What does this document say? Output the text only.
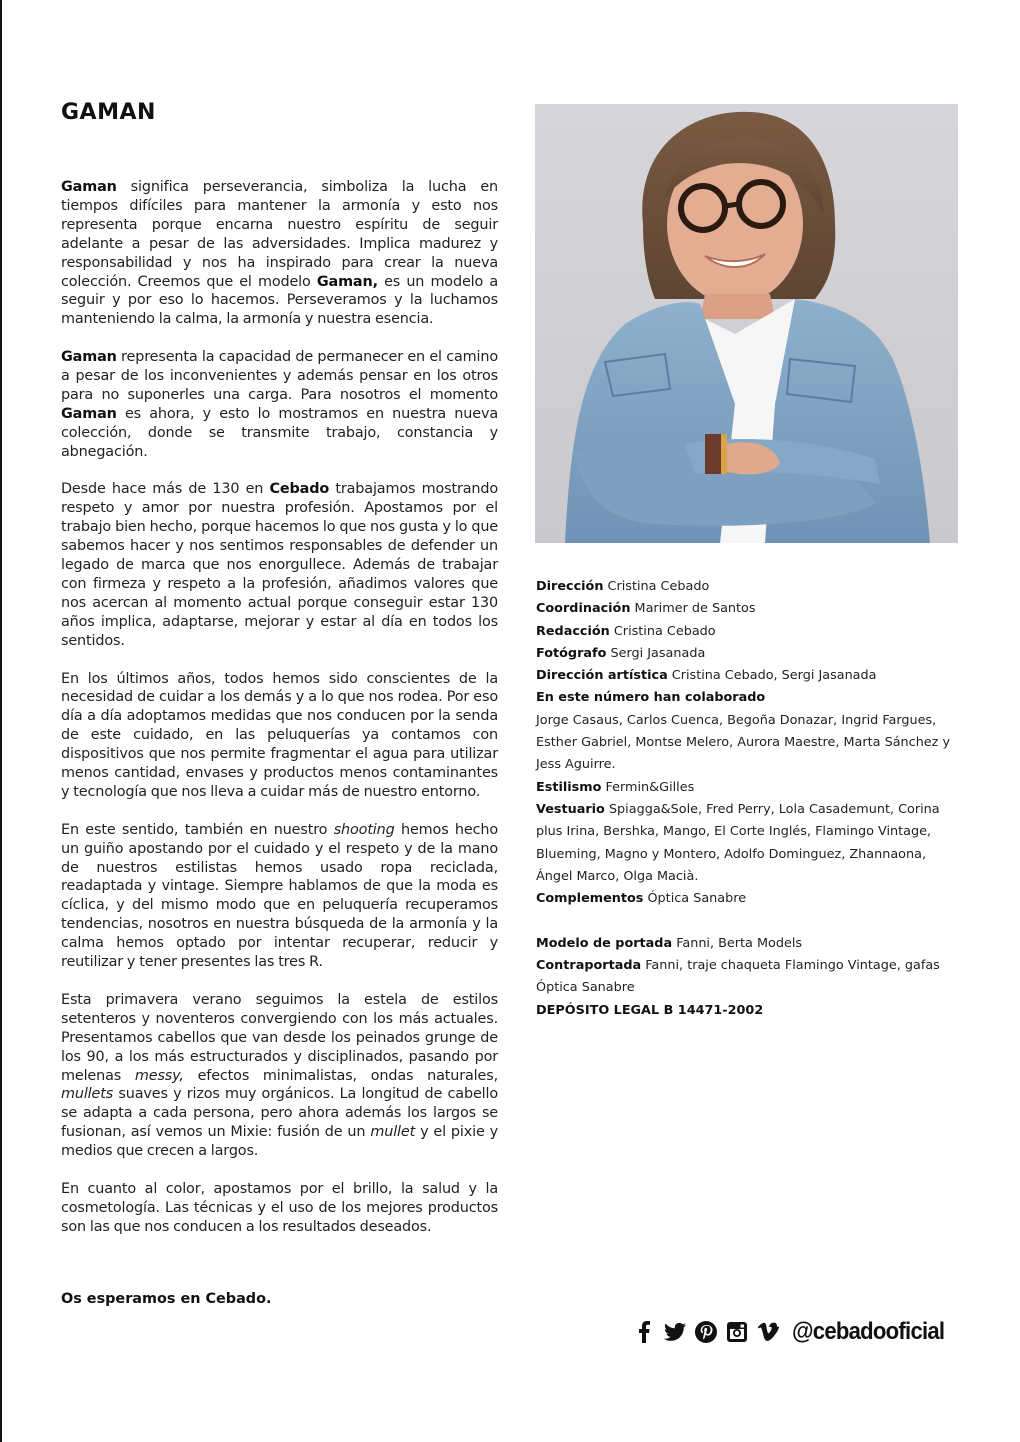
GAMAN

Gaman significa perseverancia, simboliza la lucha en tiempos difíciles para mantener la armonía y esto nos representa porque encarna nuestro espíritu de seguir adelante a pesar de las adversidades. Implica madurez y responsabilidad y nos ha inspirado para crear la nueva colección. Creemos que el modelo Gaman, es un modelo a seguir y por eso lo hacemos. Perseveramos y la luchamos manteniendo la calma, la armonía y nuestra esencia.

Gaman representa la capacidad de permanecer en el camino a pesar de los inconvenientes y además pensar en los otros para no suponerles una carga. Para nosotros el momento Gaman es ahora, y esto lo mostramos en nuestra nueva colección, donde se transmite trabajo, constancia y abnegación.

Desde hace más de 130 en Cebado trabajamos mostrando respeto y amor por nuestra profesión. Apostamos por el trabajo bien hecho, porque hacemos lo que nos gusta y lo que sabemos hacer y nos sentimos responsables de defender un legado de marca que nos enorgullece. Además de trabajar con firmeza y respeto a la profesión, añadimos valores que nos acercan al momento actual porque conseguir estar 130 años implica, adaptarse, mejorar y estar al día en todos los sentidos.

En los últimos años, todos hemos sido conscientes de la necesidad de cuidar a los demás y a lo que nos rodea. Por eso día a día adoptamos medidas que nos conducen por la senda de este cuidado, en las peluquerías ya contamos con dispositivos que nos permite fragmentar el agua para utilizar menos cantidad, envases y productos menos contaminantes y tecnología que nos lleva a cuidar más de nuestro entorno.

En este sentido, también en nuestro shooting hemos hecho un guiño apostando por el cuidado y el respeto y de la mano de nuestros estilistas hemos usado ropa reciclada, readaptada y vintage. Siempre hablamos de que la moda es cíclica, y del mismo modo que en peluquería recuperamos tendencias, nosotros en nuestra búsqueda de la armonía y la calma hemos optado por intentar recuperar, reducir y reutilizar y tener presentes las tres R.

Esta primavera verano seguimos la estela de estilos setenteros y noventeros convergiendo con los más actuales. Presentamos cabellos que van desde los peinados grunge de los 90, a los más estructurados y disciplinados, pasando por melenas messy, efectos minimalistas, ondas naturales, mullets suaves y rizos muy orgánicos. La longitud de cabello se adapta a cada persona, pero ahora además los largos se fusionan, así vemos un Mixie: fusión de un mullet y el pixie y medios que crecen a largos.

En cuanto al color, apostamos por el brillo, la salud y la cosmetología. Las técnicas y el uso de los mejores productos son las que nos conducen a los resultados deseados.

Os esperamos en Cebado.

Dirección Cristina Cebado
Coordinación Marimer de Santos
Redacción Cristina Cebado
Fotógrafo Sergi Jasanada
Dirección artística Cristina Cebado, Sergi Jasanada
En este número han colaborado
Jorge Casaus, Carlos Cuenca, Begoña Donazar, Ingrid Fargues, Esther Gabriel, Montse Melero, Aurora Maestre, Marta Sánchez y Jess Aguirre.
Estilismo Fermin&Gilles
Vestuario Spiagga&Sole, Fred Perry, Lola Casademunt, Corina plus Irina, Bershka, Mango, El Corte Inglés, Flamingo Vintage, Blueming, Magno y Montero, Adolfo Dominguez, Zhannaona, Ángel Marco, Olga Macià.
Complementos Óptica Sanabre
Modelo de portada Fanni, Berta Models
Contraportada Fanni, traje chaqueta Flamingo Vintage, gafas Óptica Sanabre
DEPÓSITO LEGAL B 14471-2002
@cebadooficial
